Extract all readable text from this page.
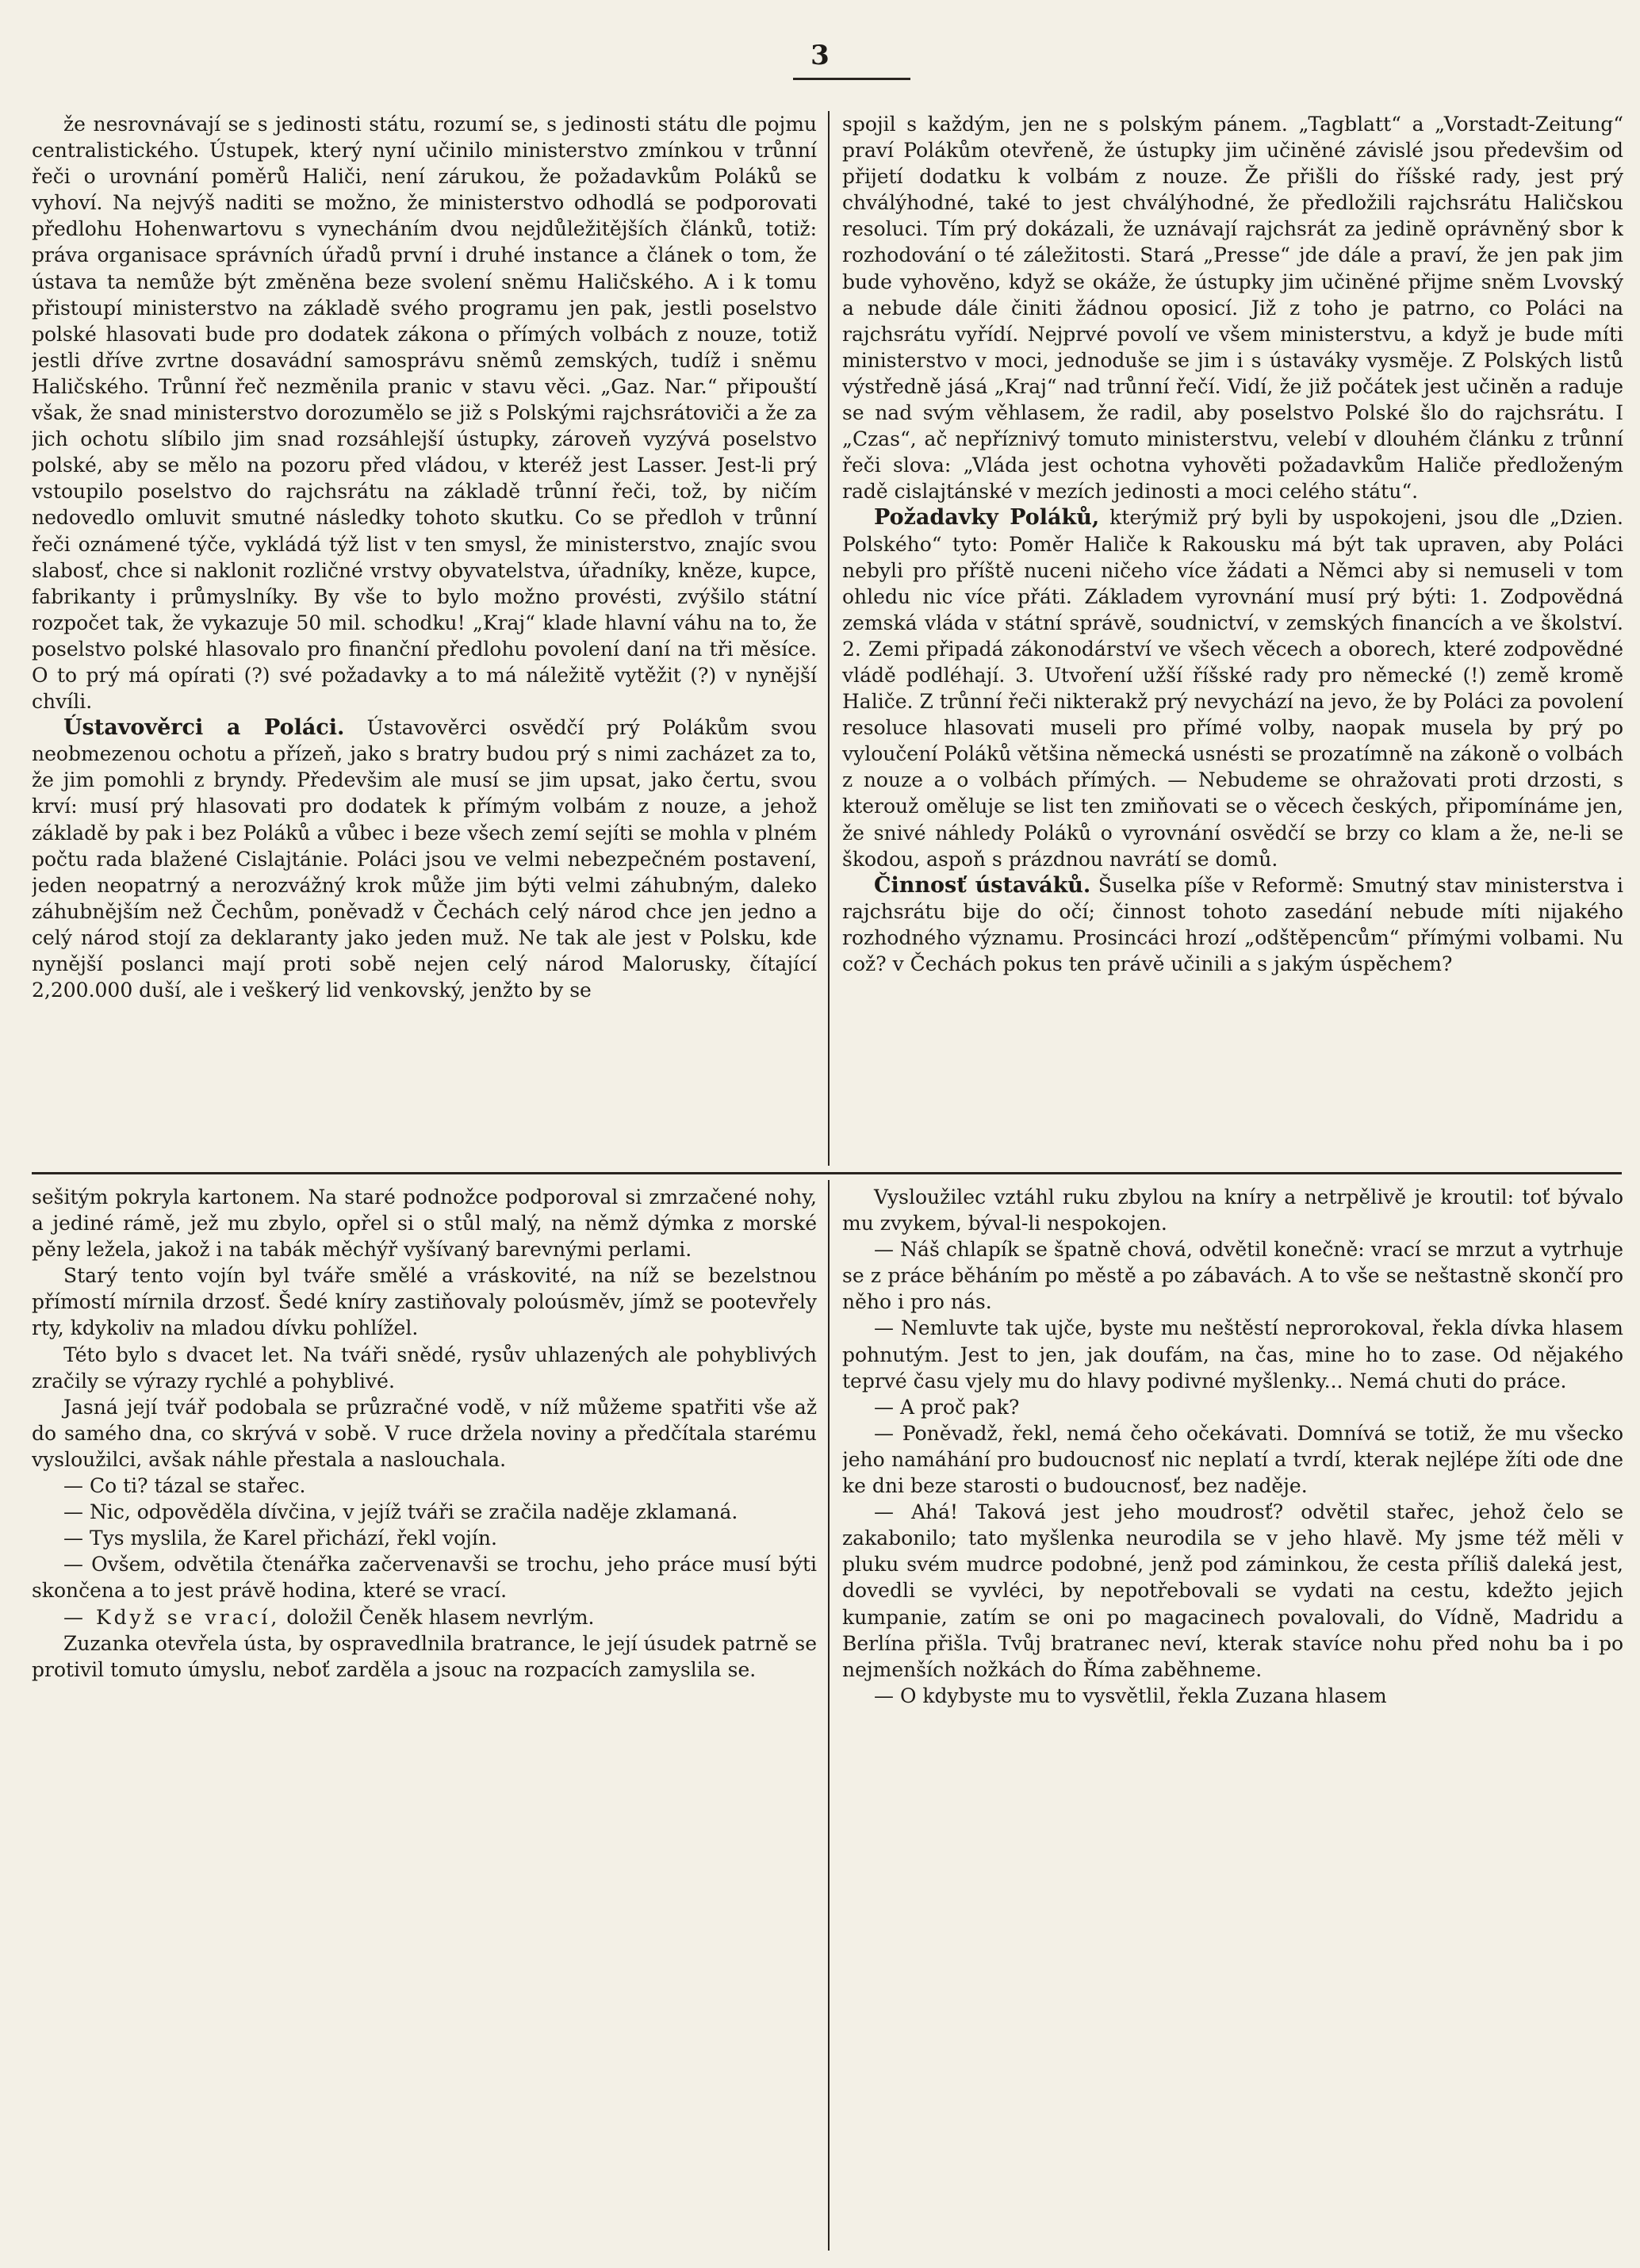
3

že nesrovnávají se s jedinosti státu, rozumí se, s jedinosti státu dle pojmu centralistického. Ústupek, který nyní učinilo ministerstvo zmínkou v trůnní řeči o urovnání poměrů Haliči, není zárukou, že požadavkům Poláků se vyhoví. Na nejvýš naditi se možno, že ministerstvo odhodlá se podporovati předlohu Hohenwartovu s vynecháním dvou nejdůležitějších článků, totiž: práva organisace správních úřadů první i druhé instance a článek o tom, že ústava ta nemůže být změněna beze svolení sněmu Haličského. A i k tomu přistoupí ministerstvo na základě svého programu jen pak, jestli poselstvo polské hlasovati bude pro dodatek zákona o přímých volbách z nouze, totiž jestli dříve zvrtne dosavádní samosprávu sněmů zemských, tudíž i sněmu Haličského. Trůnní řeč nezměnila pranic v stavu věci. „Gaz. Nar.“ připouští však, že snad ministerstvo dorozumělo se již s Polskými rajchsrátoviči a že za jich ochotu slíbilo jim snad rozsáhlejší ústupky, zároveň vyzývá poselstvo polské, aby se mělo na pozoru před vládou, v kteréž jest Lasser. Jest-li prý vstoupilo poselstvo do rajchsrátu na základě trůnní řeči, tož, by ničím nedovedlo omluvit smutné následky tohoto skutku. Co se předloh v trůnní řeči oznámené týče, vykládá týž list v ten smysl, že ministerstvo, znajíc svou slabosť, chce si naklonit rozličné vrstvy obyvatelstva, úřadníky, kněze, kupce, fabrikanty i průmyslníky. By vše to bylo možno provésti, zvýšilo státní rozpočet tak, že vykazuje 50 mil. schodku! „Kraj“ klade hlavní váhu na to, že poselstvo polské hlasovalo pro finanční předlohu povolení daní na tři měsíce. O to prý má opírati (?) své požadavky a to má náležitě vytěžit (?) v nynější chvíli.

Ústavověrci a Poláci. Ústavověrci osvědčí prý Polákům svou neobmezenou ochotu a přízeň, jako s bratry budou prý s nimi zacházet za to, že jim pomohli z bryndy. Předevšim ale musí se jim upsat, jako čertu, svou krví: musí prý hlasovati pro dodatek k přímým volbám z nouze, a jehož základě by pak i bez Poláků a vůbec i beze všech zemí sejíti se mohla v plném počtu rada blažené Cislajtánie. Poláci jsou ve velmi nebezpečném postavení, jeden neopatrný a nerozvážný krok může jim býti velmi záhubným, daleko záhubnějším než Čechům, poněvadž v Čechách celý národ chce jen jedno a celý národ stojí za deklaranty jako jeden muž. Ne tak ale jest v Polsku, kde nynější poslanci mají proti sobě nejen celý národ Malorusky, čítající 2,200.000 duší, ale i veškerý lid venkovský, jenžto by se

spojil s každým, jen ne s polským pánem. „Tagblatt“ a „Vorstadt-Zeitung“ praví Polákům otevřeně, že ústupky jim učiněné závislé jsou předevšim od přijetí dodatku k volbám z nouze. Že přišli do říšské rady, jest prý chválýhodné, také to jest chválýhodné, že předložili rajchsrátu Haličskou resoluci. Tím prý dokázali, že uznávají rajchsrát za jedině oprávněný sbor k rozhodování o té záležitosti. Stará „Presse“ jde dále a praví, že jen pak jim bude vyhověno, když se okáže, že ústupky jim učiněné přijme sněm Lvovský a nebude dále činiti žádnou oposicí. Již z toho je patrno, co Poláci na rajchsrátu vyřídí. Nejprvé povolí ve všem ministerstvu, a když je bude míti ministerstvo v moci, jednoduše se jim i s ústaváky vysměje. Z Polských listů výstředně jásá „Kraj“ nad trůnní řečí. Vidí, že již počátek jest učiněn a raduje se nad svým věhlasem, že radil, aby poselstvo Polské šlo do rajchsrátu. I „Czas“, ač nepříznivý tomuto ministerstvu, velebí v dlouhém článku z trůnní řeči slova: „Vláda jest ochotna vyhověti požadavkům Haliče předloženým radě cislajtánské v mezích jedinosti a moci celého státu“.

Požadavky Poláků, kterýmiž prý byli by uspokojeni, jsou dle „Dzien. Polského“ tyto: Poměr Haliče k Rakousku má být tak upraven, aby Poláci nebyli pro příště nuceni ničeho více žádati a Němci aby si nemuseli v tom ohledu nic více přáti. Základem vyrovnání musí prý býti: 1. Zodpovědná zemská vláda v státní správě, soudnictví, v zemských financích a ve školství. 2. Zemi připadá zákonodárství ve všech věcech a oborech, které zodpovědné vládě podléhají. 3. Utvoření užší říšské rady pro německé (!) země kromě Haliče. Z trůnní řeči nikterakž prý nevychází na jevo, že by Poláci za povolení resoluce hlasovati museli pro přímé volby, naopak musela by prý po vyloučení Poláků většina německá usnésti se prozatímně na zákoně o volbách z nouze a o volbách přímých. — Nebudeme se ohražovati proti drzosti, s kterouž oměluje se list ten zmiňovati se o věcech českých, připomínáme jen, že snivé náhledy Poláků o vyrovnání osvědčí se brzy co klam a že, ne-li se škodou, aspoň s prázdnou navrátí se domů.

Činnosť ústaváků. Šuselka píše v Reformě: Smutný stav ministerstva i rajchsrátu bije do očí; činnost tohoto zasedání nebude míti nijakého rozhodného významu. Prosincáci hrozí „odštěpencům“ přímými volbami. Nu což? v Čechách pokus ten právě učinili a s jakým úspěchem?

sešitým pokryla kartonem. Na staré podnožce podporoval si zmrzačené nohy, a jediné rámě, jež mu zbylo, opřel si o stůl malý, na němž dýmka z morské pěny ležela, jakož i na tabák měchýř vyšívaný barevnými perlami.

Starý tento vojín byl tváře smělé a vráskovité, na níž se bezelstnou přímostí mírnila drzosť. Šedé kníry zastiňovaly poloúsměv, jímž se pootevřely rty, kdykoliv na mladou dívku pohlížel.

Této bylo s dvacet let. Na tváři snědé, rysův uhlazených ale pohyblivých zračily se výrazy rychlé a pohyblivé.

Jasná její tvář podobala se průzračné vodě, v níž můžeme spatřiti vše až do samého dna, co skrývá v sobě. V ruce držela noviny a předčítala starému vysloužilci, avšak náhle přestala a naslouchala.

— Co ti? tázal se stařec.

— Nic, odpověděla dívčina, v jejíž tváři se zračila naděje zklamaná.

— Tys myslila, že Karel přichází, řekl vojín.

— Ovšem, odvětila čtenářka začervenavši se trochu, jeho práce musí býti skončena a to jest právě hodina, které se vrací.

— Když se vrací, doložil Čeněk hlasem nevrlým.

Zuzanka otevřela ústa, by ospravedlnila bratrance, le její úsudek patrně se protivil tomuto úmyslu, neboť zarděla a jsouc na rozpacích zamyslila se.

Vysloužilec vztáhl ruku zbylou na kníry a netrpělivě je kroutil: toť bývalo mu zvykem, býval-li nespokojen.

— Náš chlapík se špatně chová, odvětil konečně: vrací se mrzut a vytrhuje se z práce běháním po městě a po zábavách. A to vše se neštastně skončí pro něho i pro nás.

— Nemluvte tak ujče, byste mu neštěstí neprorokoval, řekla dívka hlasem pohnutým. Jest to jen, jak doufám, na čas, mine ho to zase. Od nějakého teprvé času vjely mu do hlavy podivné myšlenky... Nemá chuti do práce.

— A proč pak?

— Poněvadž, řekl, nemá čeho očekávati. Domnívá se totiž, že mu všecko jeho namáhání pro budoucnosť nic neplatí a tvrdí, kterak nejlépe žíti ode dne ke dni beze starosti o budoucnosť, bez naděje.

— Ahá! Taková jest jeho moudrosť? odvětil stařec, jehož čelo se zakabonilo; tato myšlenka neurodila se v jeho hlavě. My jsme též měli v pluku svém mudrce podobné, jenž pod záminkou, že cesta příliš daleká jest, dovedli se vyvléci, by nepotřebovali se vydati na cestu, kdežto jejich kumpanie, zatím se oni po magacinech povalovali, do Vídně, Madridu a Berlína přišla. Tvůj bratranec neví, kterak stavíce nohu před nohu ba i po nejmenších nožkách do Říma zaběhneme.

— O kdybyste mu to vysvětlil, řekla Zuzana hlasem
